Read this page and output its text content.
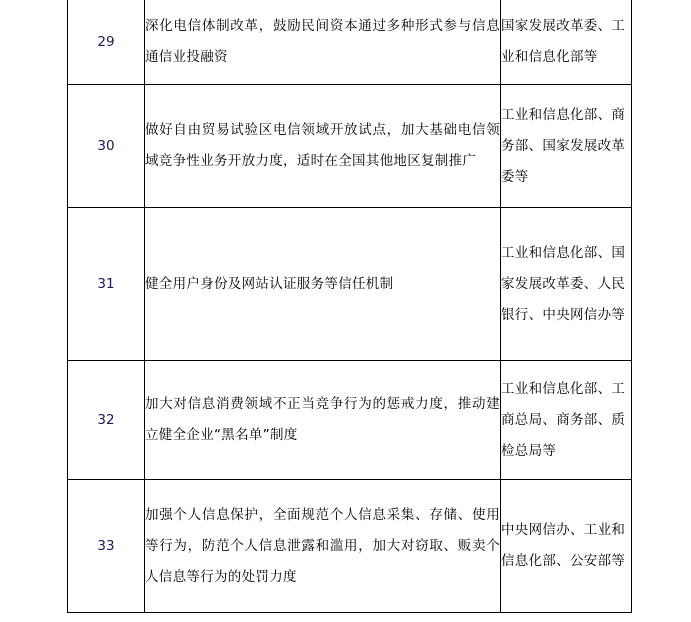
29	深化电信体制改革，鼓励民间资本通过多种形式参与信息通信业投融资	国家发展改革委、工业和信息化部等
30	做好自由贸易试验区电信领域开放试点，加大基础电信领域竞争性业务开放力度，适时在全国其他地区复制推广	工业和信息化部、商务部、国家发展改革委等
31	健全用户身份及网站认证服务等信任机制	工业和信息化部、国家发展改革委、人民银行、中央网信办等
32	加大对信息消费领域不正当竞争行为的惩戒力度，推动建立健全企业“黑名单”制度	工业和信息化部、工商总局、商务部、质检总局等
33	加强个人信息保护，全面规范个人信息采集、存储、使用等行为，防范个人信息泄露和滥用，加大对窃取、贩卖个人信息等行为的处罚力度	中央网信办、工业和信息化部、公安部等
